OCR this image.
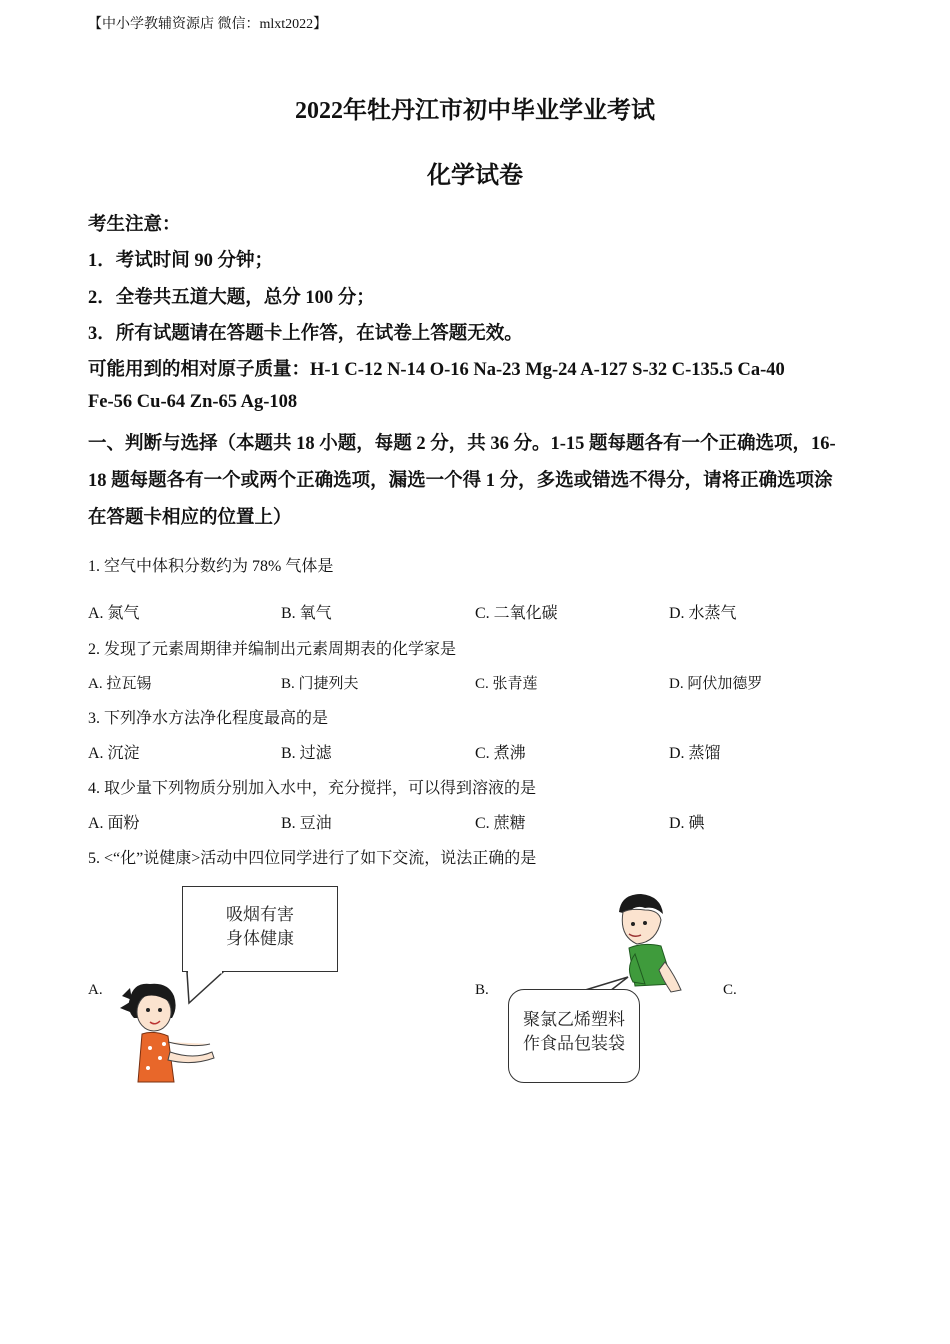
【中小学教辅资源店 微信：mlxt2022】
2022年牡丹江市初中毕业学业考试
化学试卷
考生注意：
1．考试时间 90 分钟；
2．全卷共五道大题，总分 100 分；
3．所有试题请在答题卡上作答，在试卷上答题无效。
可能用到的相对原子质量：H-1 C-12 N-14 O-16 Na-23 Mg-24 A-127 S-32 C-135.5 Ca-40
Fe-56 Cu-64 Zn-65 Ag-108
一、判断与选择（本题共 18 小题，每题 2 分，共 36 分。1-15 题每题各有一个正确选项，16-
18 题每题各有一个或两个正确选项，漏选一个得 1 分，多选或错选不得分，请将正确选项涂
在答题卡相应的位置上）
1. 空气中体积分数约为 78% 气体是
A. 氮气	B. 氧气	C. 二氧化碳	D. 水蒸气
2. 发现了元素周期律并编制出元素周期表的化学家是
A. 拉瓦锡	B. 门捷列夫	C. 张青莲	D. 阿伏加德罗
3. 下列净水方法净化程度最高的是
A. 沉淀	B. 过滤	C. 煮沸	D. 蒸馏
4. 取少量下列物质分别加入水中，充分搅拌，可以得到溶液的是
A. 面粉	B. 豆油	C. 蔗糖	D. 碘
5. <“化”说健康>活动中四位同学进行了如下交流，说法正确的是
A.	B.	C.
吸烟有害
身体健康
聚氯乙烯塑料
作食品包装袋
